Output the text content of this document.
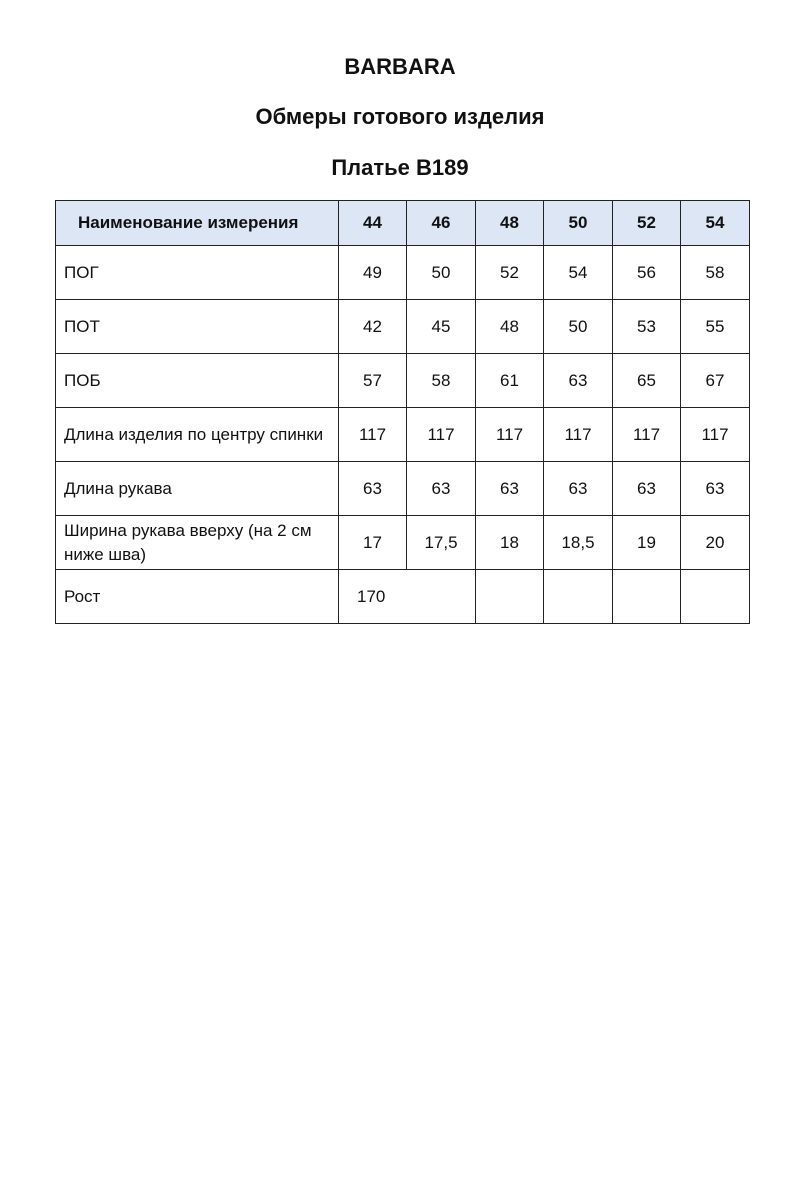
BARBARA
Обмеры готового изделия
Платье B189
Наименование измерения	44	46	48	50	52	54
ПОГ	49	50	52	54	56	58
ПОТ	42	45	48	50	53	55
ПОБ	57	58	61	63	65	67
Длина изделия по центру спинки	117	117	117	117	117	117
Длина рукава	63	63	63	63	63	63
Ширина рукава вверху (на 2 см ниже шва)	17	17,5	18	18,5	19	20
Рост	170					
